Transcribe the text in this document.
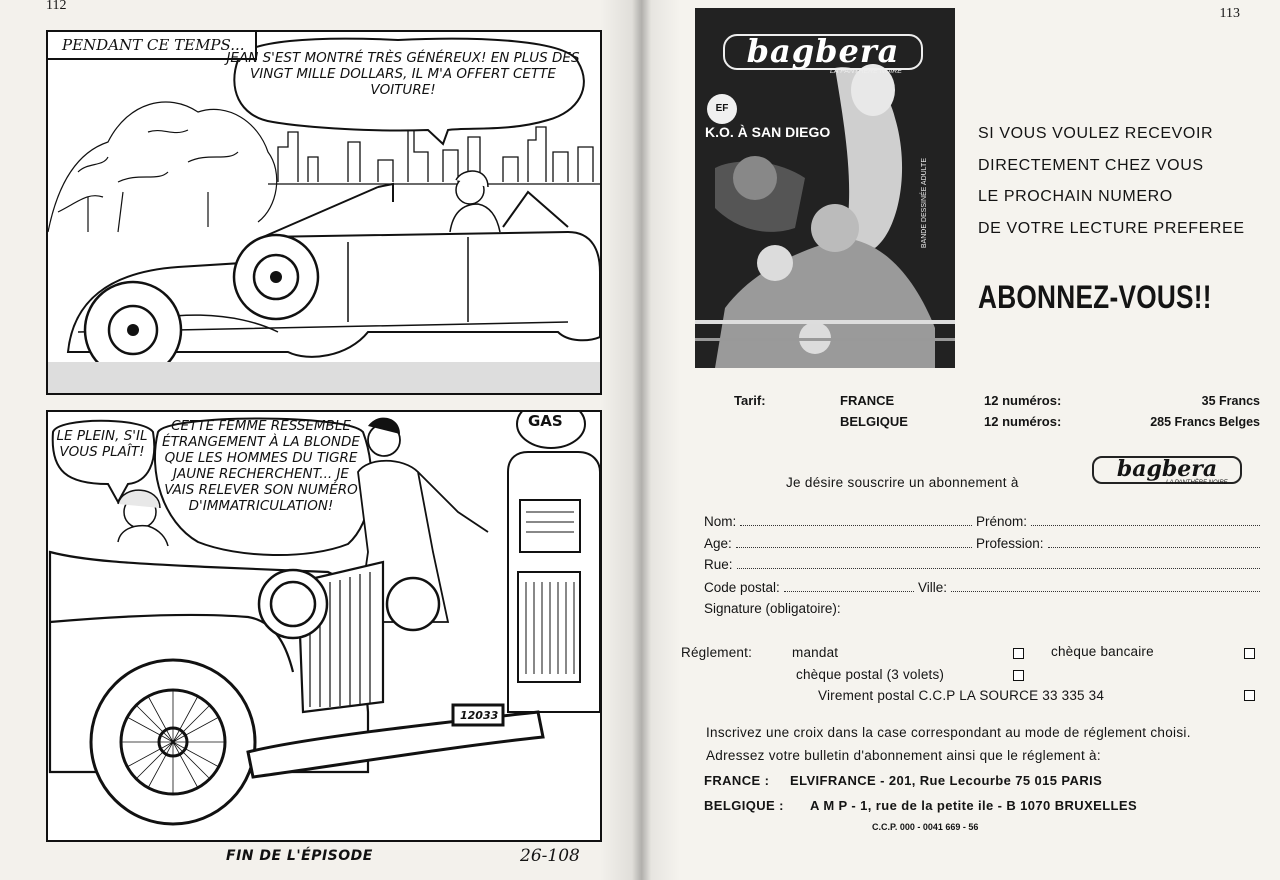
112
PENDANT CE TEMPS...
JEAN S'EST MONTRÉ TRÈS GÉNÉREUX! EN PLUS DES VINGT MILLE DOLLARS, IL M'A OFFERT CETTE VOITURE!
LE PLEIN, S'IL VOUS PLAÎT!
CETTE FEMME RESSEMBLE ÉTRANGEMENT À LA BLONDE QUE LES HOMMES DU TIGRE JAUNE RECHERCHENT... JE VAIS RELEVER SON NUMÉRO D'IMMATRICULATION!
GAS
12033
FIN DE L'ÉPISODE	26-108
113
bagbera
LA PANTHÈRE NOIRE
EF
K.O. À SAN DIEGO
BANDE DESSINÉE ADULTE
SI VOUS VOULEZ RECEVOIR
DIRECTEMENT CHEZ VOUS
LE PROCHAIN NUMERO
DE VOTRE LECTURE PREFEREE
ABONNEZ-VOUS!!
Tarif:	FRANCE	12 numéros:	35 Francs
BELGIQUE	12 numéros:	285 Francs Belges
Je désire souscrire un abonnement à
bagbera
LA PANTHÈRE NOIRE
Nom:	Prénom:
Age:	Profession:
Rue:
Code postal:	Ville:
Signature (obligatoire):
Réglement:	mandat	chèque bancaire
chèque postal (3 volets)
Virement postal C.C.P LA SOURCE 33 335 34
Inscrivez une croix dans la case correspondant au mode de réglement choisi.
Adressez votre bulletin d'abonnement ainsi que le réglement à:
FRANCE : ELVIFRANCE - 201, Rue Lecourbe 75 015 PARIS
BELGIQUE : A M P - 1, rue de la petite ile - B 1070 BRUXELLES
C.C.P. 000 - 0041 669 - 56
